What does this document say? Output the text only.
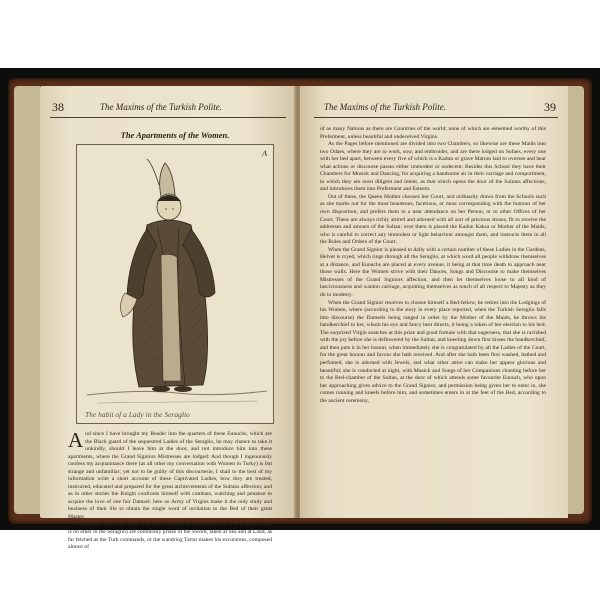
38	The Maxims of the Turkish Polite.
The Apartments of the Women.
A
The habit of a Lady in the Seraglio

And since I have brought my Reader into the quarters of these Eunuchs, which are the Black guard of the sequestred Ladies of the Seraglio, he may chance to take it unkindly, should I leave him at the door, and not introduce him into these apartments, where the Grand Signiors Mistresses are lodged: And though I ingenuously confess my acquaintance there (as all other my conversation with Women in Turky) is but strange and unfamiliar; yet not to be guilty of this discourtesie, I shall to the best of my information write a short account of these Captivated Ladies, how they are treated, instructed, educated and prepared for the great atchievements of the Sultans affection; and as in other stories the Knight confronts himself with combats, watching and penance to acquire the love of one fair Damsel: here so Army of Virgins make it the only study and business of their life to obtain the single word of invitation to the Bed of their great Master.

The Reader then must know that this Assembly of fair Women (for it is probable there is no other in the Seraglio) are commonly prizes of the Sword, taken at Sea and at Land, as far fetched as the Turk commands, or the wandring Tartar makes his excursions, composed almost of

The Maxims of the Turkish Polite.	39

of as many Nations as there are Countries of the world; none of which are esteemed worthy of this Preferment, unless beautiful and undeceived Virgins.

As the Pages before mentioned are divided into two Chambers, so likewise are these Maids into two Odaes, where they are to work, sow, and embroider, and are there lodged on Sofaes, every one with her bed apart, between every five of which is a Kadun or grave Matron laid to oversee and hear what actions or discourse passes either immodest or undecent: Besides this School they have their Chambers for Musick and Dancing, for acquiring a handsome air in their carriage and comportment, to which they are most diligent and intent, as that which opens the door of the Sultans affections, and introduces them into Preferment and Esteem.

Out of these, the Queen Mother chooses her Court, and ordinarily draws from the Schools such as she marks out for the most beauteous, facetious, or most corresponding with the humour of her own disposition, and prefers them to a near attendance on her Person, or to other Offices of her Court. These are always richly attired and adorned with all sort of precious stones, fit to receive the addresses and amours of the Sultan: over them is placed the Kadun Kaksa or Mother of the Maids, who is careful to correct any immodest or light behaviour amongst them, and instructs them in all the Rules and Orders of the Court.

When the Grand Signior is pleased to dally with a certain number of these Ladies in the Gardens, Helvet is cryed, which rings through all the Seraglio, at which word all people withdraw themselves at a distance, and Eunuchs are placed at every avenue, it being at that time death to approach near those walls. Here the Women strive with their Dances, Songs and Discourse to make themselves Mistresses of the Grand Signiors affection, and then let themselves loose to all kind of lasciviousness and wanton carriage, acquitting themselves as touch of all respect to Majesty as they do to modesty.

When the Grand Signior resolves to choose himself a Bed-fellow, he retires into the Lodgings of his Women, where (according to the story in every place reported, when the Turkish Seraglio falls into discourse) the Damsels being ranged in order by the Mother of the Maids, he throws his handkerchief to her, whom his eye and fancy best directs, it being a token of her election to his bed. The surprized Virgin snatches at this prize and good fortune with that eagerness, that she is ravished with the joy before she is deflowered by the Sultan, and kneeling down first kisses the handkerchief, and then puts it in her bosom, when immediately she is congratulated by all the Ladies of the Court, for the great honour and favour she hath received. And after she hath been first washed, bathed and perfumed, she is adorned with Jewels, and what other attire can make her appear glorious and beautiful; she is conducted at night, with Musick and Songs of her Companions chanting before her to the Bed-chamber of the Sultan, at the door of which attends some favourite Eunuch, who upon her approaching gives advice to the Grand Signior, and permission being given her to enter in, she comes running and kneels before him, and sometimes enters in at the feet of the Bed, according to the ancient ceremony,
